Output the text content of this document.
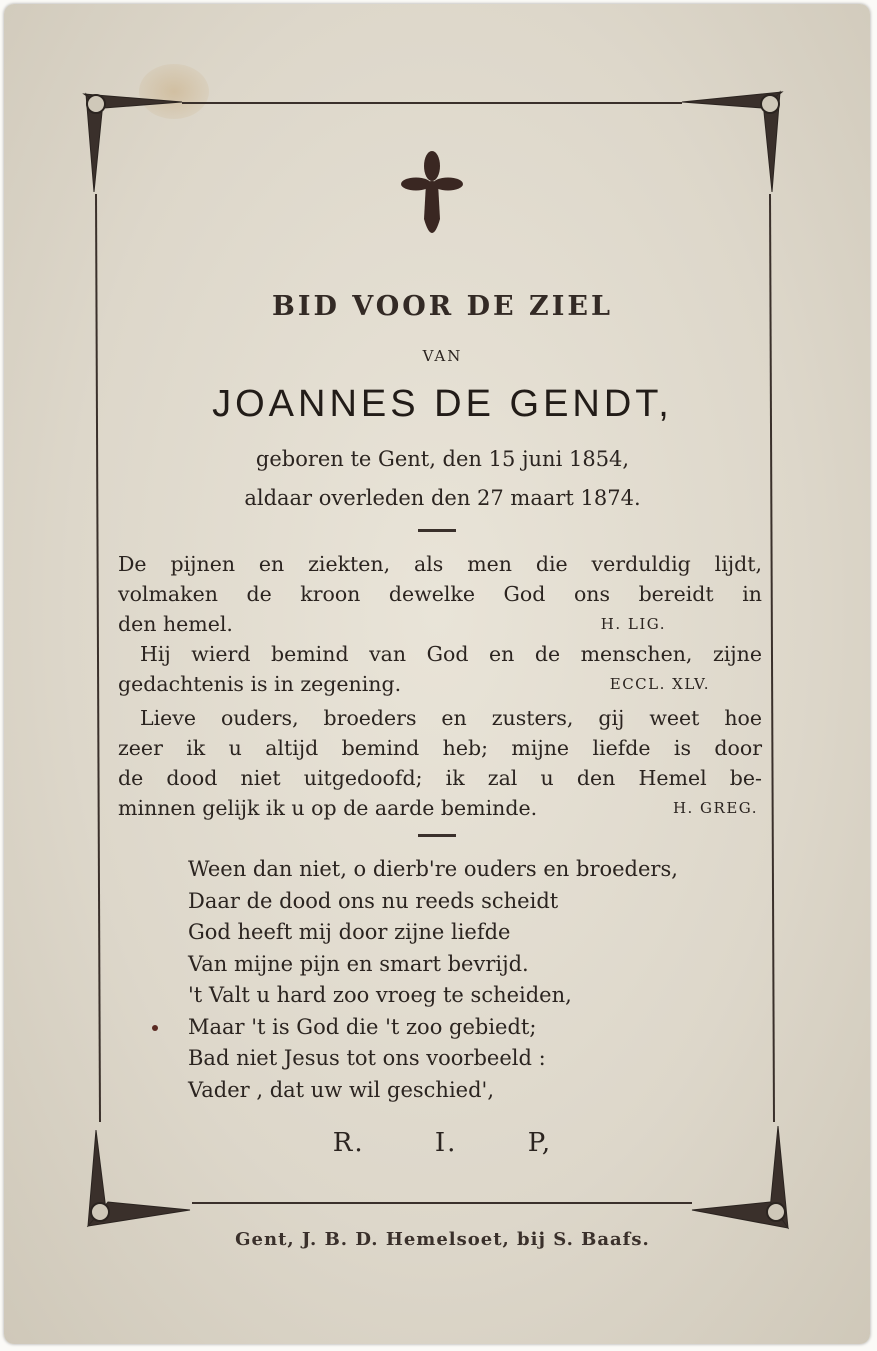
BID VOOR DE ZIEL
VAN
JOANNES DE GENDT,
geboren te Gent, den 15 juni 1854,
aldaar overleden den 27 maart 1874.
De pijnen en ziekten, als men die verduldig lijdt,
volmaken de kroon dewelke God ons bereidt in
den hemel.	H. LIG.
Hij wierd bemind van God en de menschen, zijne
gedachtenis is in zegening.	ECCL. XLV.
Lieve ouders, broeders en zusters, gij weet hoe
zeer ik u altijd bemind heb; mijne liefde is door
de dood niet uitgedoofd; ik zal u den Hemel be-
minnen gelijk ik u op de aarde beminde.	H. GREG.
Ween dan niet, o dierb're ouders en broeders,
Daar de dood ons nu reeds scheidt
God heeft mij door zijne liefde
Van mijne pijn en smart bevrijd.
't Valt u hard zoo vroeg te scheiden,
Maar 't is God die 't zoo gebiedt;
Bad niet Jesus tot ons voorbeeld :
Vader , dat uw wil geschied',
R. I. P,
Gent, J. B. D. Hemelsoet, bij S. Baafs.
